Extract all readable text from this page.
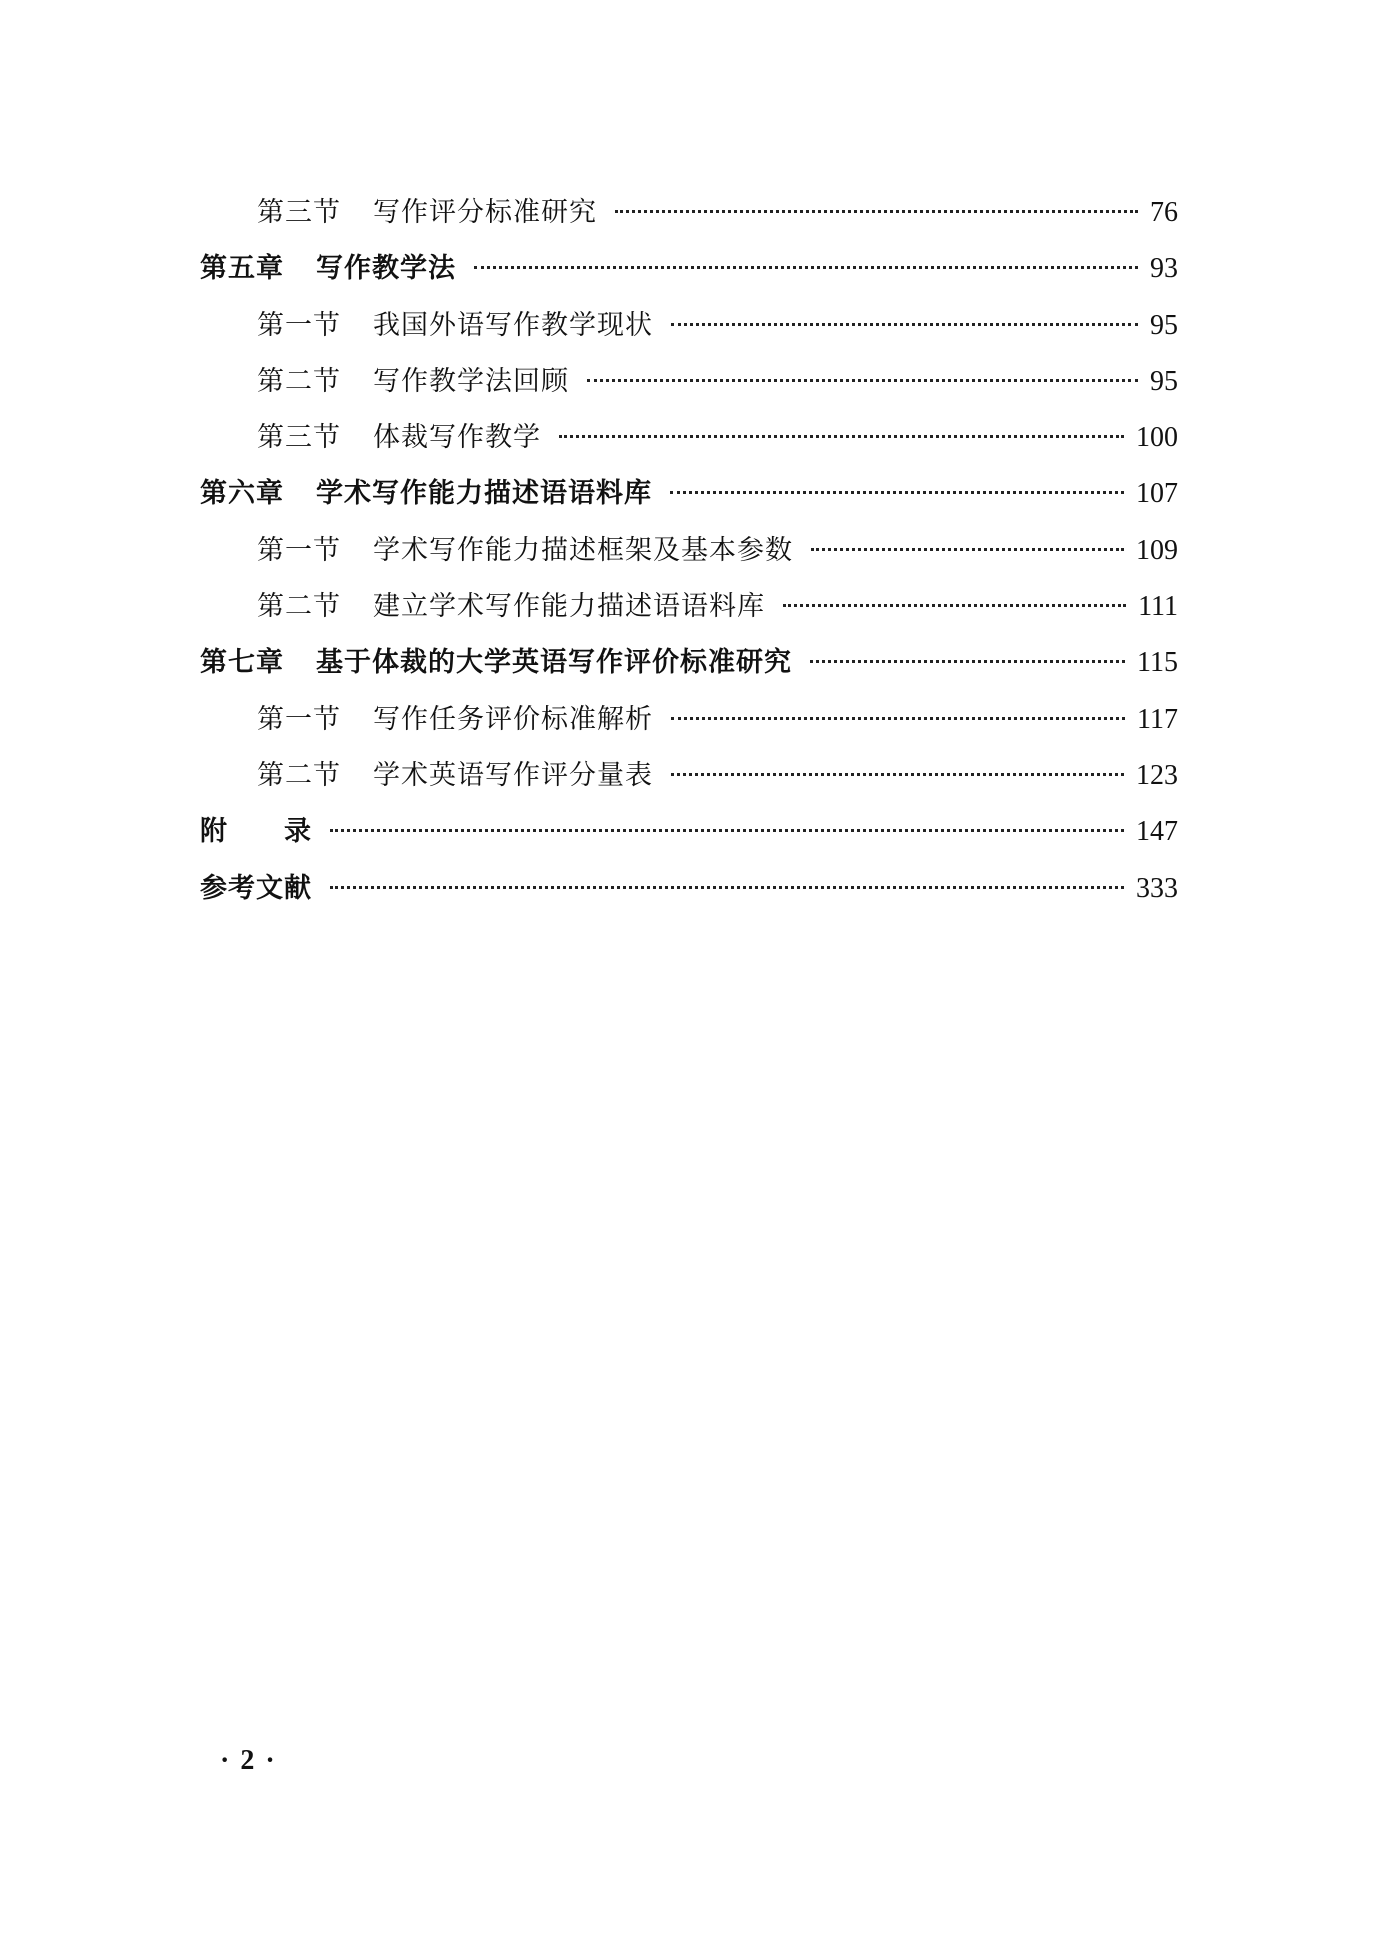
第三节 写作评分标准研究	76
第五章 写作教学法	93
第一节 我国外语写作教学现状	95
第二节 写作教学法回顾	95
第三节 体裁写作教学	100
第六章 学术写作能力描述语语料库	107
第一节 学术写作能力描述框架及基本参数	109
第二节 建立学术写作能力描述语语料库	111
第七章 基于体裁的大学英语写作评价标准研究	115
第一节 写作任务评价标准解析	117
第二节 学术英语写作评分量表	123
附 录	147
参考文献	333
· 2 ·
